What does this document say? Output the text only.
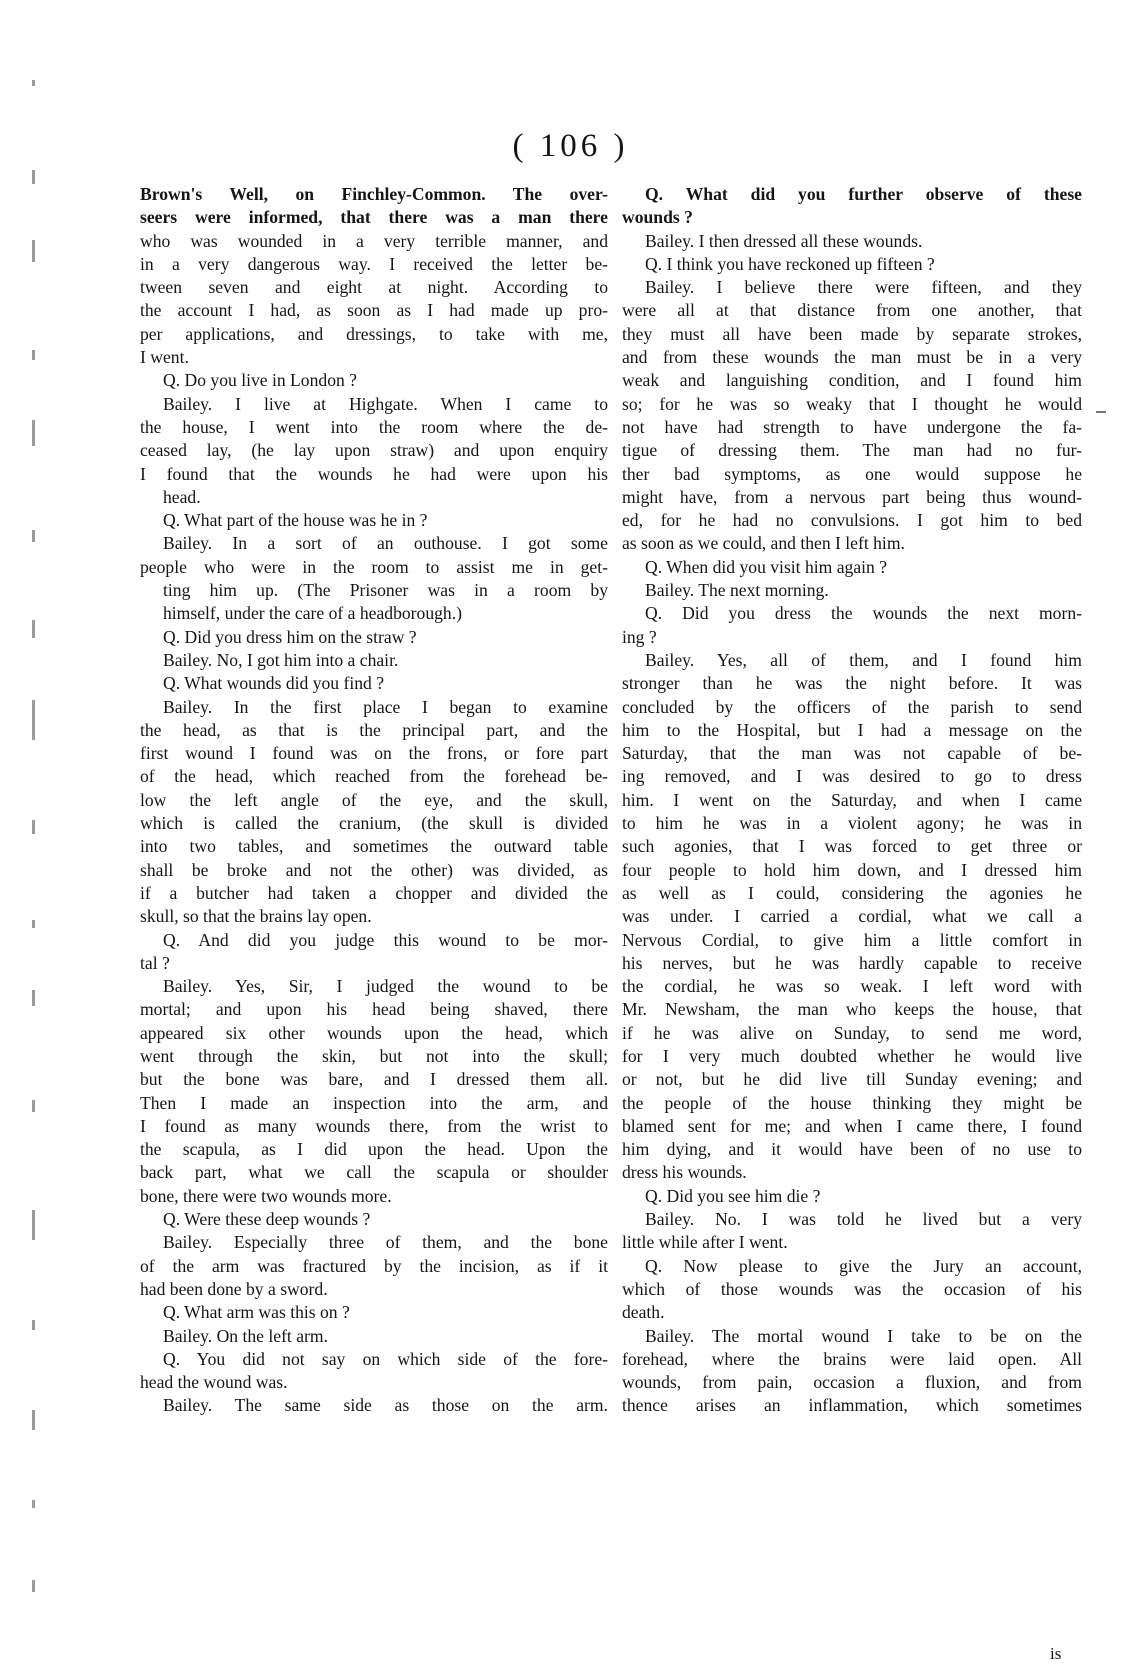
( 106 )
Brown's Well, on Finchley-Common. The over-
seers were informed, that there was a man there
who was wounded in a very terrible manner, and
in a very dangerous way. I received the letter be-
tween seven and eight at night. According to
the account I had, as soon as I had made up pro-
per applications, and dressings, to take with me,
I went.
Q. Do you live in London ?
Bailey. I live at Highgate. When I came to
the house, I went into the room where the de-
ceased lay, (he lay upon straw) and upon enquiry
I found that the wounds he had were upon his
head.
Q. What part of the house was he in ?
Bailey. In a sort of an outhouse. I got some
people who were in the room to assist me in get-
ting him up. (The Prisoner was in a room by
himself, under the care of a headborough.)
Q. Did you dress him on the straw ?
Bailey. No, I got him into a chair.
Q. What wounds did you find ?
Bailey. In the first place I began to examine
the head, as that is the principal part, and the
first wound I found was on the frons, or fore part
of the head, which reached from the forehead be-
low the left angle of the eye, and the skull,
which is called the cranium, (the skull is divided
into two tables, and sometimes the outward table
shall be broke and not the other) was divided, as
if a butcher had taken a chopper and divided the
skull, so that the brains lay open.
Q. And did you judge this wound to be mor-
tal ?
Bailey. Yes, Sir, I judged the wound to be
mortal; and upon his head being shaved, there
appeared six other wounds upon the head, which
went through the skin, but not into the skull;
but the bone was bare, and I dressed them all.
Then I made an inspection into the arm, and
I found as many wounds there, from the wrist to
the scapula, as I did upon the head. Upon the
back part, what we call the scapula or shoulder
bone, there were two wounds more.
Q. Were these deep wounds ?
Bailey. Especially three of them, and the bone
of the arm was fractured by the incision, as if it
had been done by a sword.
Q. What arm was this on ?
Bailey. On the left arm.
Q. You did not say on which side of the fore-
head the wound was.
Bailey. The same side as those on the arm.
Q. What did you further observe of these
wounds ?
Bailey. I then dressed all these wounds.
Q. I think you have reckoned up fifteen ?
Bailey. I believe there were fifteen, and they
were all at that distance from one another, that
they must all have been made by separate strokes,
and from these wounds the man must be in a very
weak and languishing condition, and I found him
so; for he was so weaky that I thought he would
not have had strength to have undergone the fa-
tigue of dressing them. The man had no fur-
ther bad symptoms, as one would suppose he
might have, from a nervous part being thus wound-
ed, for he had no convulsions. I got him to bed
as soon as we could, and then I left him.
Q. When did you visit him again ?
Bailey. The next morning.
Q. Did you dress the wounds the next morn-
ing ?
Bailey. Yes, all of them, and I found him
stronger than he was the night before. It was
concluded by the officers of the parish to send
him to the Hospital, but I had a message on the
Saturday, that the man was not capable of be-
ing removed, and I was desired to go to dress
him. I went on the Saturday, and when I came
to him he was in a violent agony; he was in
such agonies, that I was forced to get three or
four people to hold him down, and I dressed him
as well as I could, considering the agonies he
was under. I carried a cordial, what we call a
Nervous Cordial, to give him a little comfort in
his nerves, but he was hardly capable to receive
the cordial, he was so weak. I left word with
Mr. Newsham, the man who keeps the house, that
if he was alive on Sunday, to send me word,
for I very much doubted whether he would live
or not, but he did live till Sunday evening; and
the people of the house thinking they might be
blamed sent for me; and when I came there, I found
him dying, and it would have been of no use to
dress his wounds.
Q. Did you see him die ?
Bailey. No. I was told he lived but a very
little while after I went.
Q. Now please to give the Jury an account,
which of those wounds was the occasion of his
death.
Bailey. The mortal wound I take to be on the
forehead, where the brains were laid open. All
wounds, from pain, occasion a fluxion, and from
thence arises an inflammation, which sometimes
is
